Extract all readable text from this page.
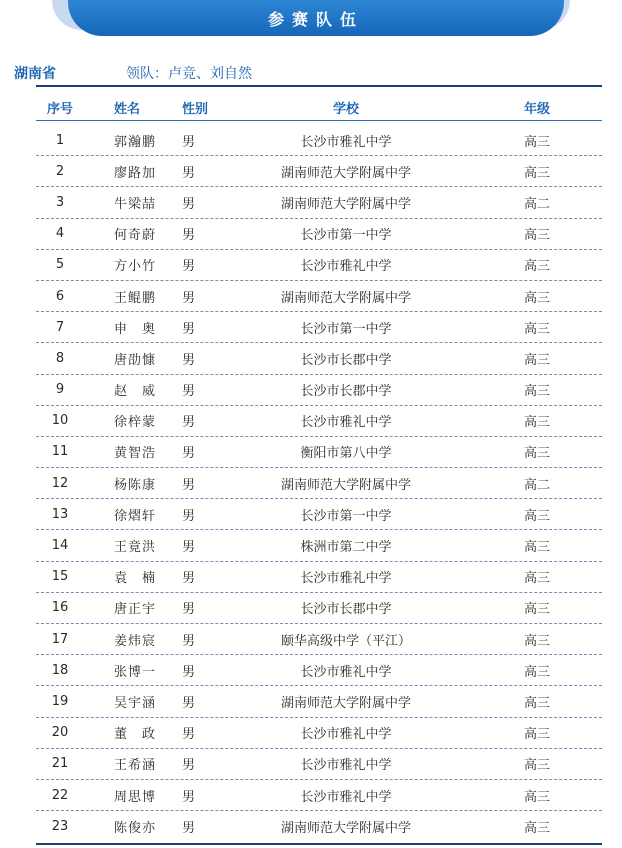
参赛队伍
湖南省	领队：卢竞、刘自然
序号	姓名	性别	学校	年级
1	郭瀚鹏	男	长沙市雅礼中学	高三
2	廖路加	男	湖南师范大学附属中学	高三
3	牛梁喆	男	湖南师范大学附属中学	高二
4	何奇蔚	男	长沙市第一中学	高三
5	方小竹	男	长沙市雅礼中学	高三
6	王鲲鹏	男	湖南师范大学附属中学	高三
7	申　奥	男	长沙市第一中学	高三
8	唐劭慷	男	长沙市长郡中学	高三
9	赵　威	男	长沙市长郡中学	高三
10	徐梓蒙	男	长沙市雅礼中学	高三
11	黄智浩	男	衡阳市第八中学	高三
12	杨陈康	男	湖南师范大学附属中学	高二
13	徐熠轩	男	长沙市第一中学	高三
14	王竟洪	男	株洲市第二中学	高三
15	袁　楠	男	长沙市雅礼中学	高三
16	唐正宇	男	长沙市长郡中学	高三
17	姜炜宸	男	颐华高级中学（平江）	高三
18	张博一	男	长沙市雅礼中学	高三
19	吴宇涵	男	湖南师范大学附属中学	高三
20	董　政	男	长沙市雅礼中学	高三
21	王希涵	男	长沙市雅礼中学	高三
22	周思博	男	长沙市雅礼中学	高三
23	陈俊亦	男	湖南师范大学附属中学	高三
